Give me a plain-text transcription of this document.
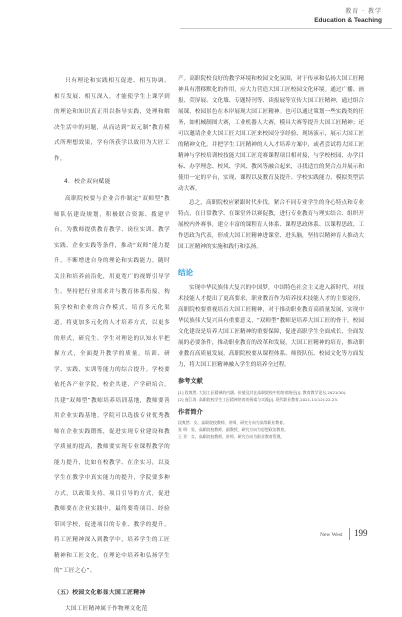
教育 · 教学
Education & Teaching

只有理论和实践相互促进、相互协调、相互发展、相互深入，才能使学生上课学到的理论和知识真正用以指导实践，处理和解决生活中的问题，从而达到“双元制”教育模式所理想效果，学有所获学以致用为大匠工作。

4．校企双向赋能

高职院校要与企业合作制定“双师型”教师队伍建设规划，积极联合资源、拨建平台，为教师提供教育教学、岗位实训、教学实践、企业实践等条件，推动“双师”能力提升，不断增进自身的理论和实践能力。随时关注和培养前沿化，用更宽广的视野引导学生。坚持把行业需求并与教育体系衔接，构筑学校和企业的合作模式，培育多元化渠道，将更加多元化的人才培养方式，以更多的形式，研究生、学生对理论的认知水平把握方式，全面提升教学的质量。培训、研学、实践、实训等能力的综合提升。学校要依托各产业学院，校企共建、产学研培合，共建“双师型”教师培养培训基地，教师要善用企业实践基地。学院可以选拔专业优秀教师在企业实践锻炼，促进实现专业建设和教学质量的提高，教师要实现专业课程教学的能力提升，比如在校教学、在企实习，以及学生在教学中真实能力的提升，学院要多种方式，以政策支持、项目引导的方式，促进教师要在企业实践中，最终要将项目、经验带回学校，促进项目的专业、教学的提升，将工匠精神深入到教学中，培养学生的工匠精神和工匠文化，在理论中培养和弘扬学生的“工匠之心”。

（五）校园文化彰显大国工匠精神

大国工匠精神属于作物理文化范

产。高职院校良好的教学环境和校园文化氛围，对于传承和弘扬大国工匠精神具有潜移默化的作用，应大力营造大国工匠校园文化环境。通过广播、画报、荧屏展、文化墙、专题特刊等、读报展等宣传大国工匠精神，通过组合展课，校园景色在本岸展现大国工匠精神。也可以通过策划一些实践类的任务，如机械制图大赛，工业机器人大赛，模具大赛等提升大国工匠精神；还可以邀请企业大国工匠大国工匠来校园分享经验、现场演示，展示大国工匠的精神文化，并把学生工匠精神的人入才培养方案中，或者尝试将大国工匠精神与学校培训校技能大国工匠竞赛课程项目相对接，与学校校园、办学目标、办学理念、校风、学风、教风等融合起来，寻找适宜的契合点并展示和使用一定的平台，实现、课程以及教育及提升、学校实践能力、模拟类型活动大赛。

总之，高职院校应紧跟时代步伐，紧合不同专业学生的身心特点和专业特点，在日常教学、在课堂外以赛促教，进行专业教育与理实结合、组织开展校内外赛事，建立丰富的课程育人体系、课程思政体系、以课程思政、工作思政为代表，形成大国工匠精神进课堂、进头脑，坚持以精神育人推动大国工匠精神的实施和践行和弘扬。

结论

实现中华民族伟大复兴的中国梦，中国特色社会主义进入新时代，对技术技能人才提出了更高要求，职业教育作为培养技术技能人才的主要途径，高职院校要重视培育大国工匠精神，对于推动职业教育高质量发展，实现中华民族伟大复兴具有重要意义，“双师型”教师是培养大国工匠的骨干，校园文化建设是培养大国工匠精神的重要保障，促进高职学生全面成长、全面发展的必要条件，推动职业教育的改革和发展，大国工匠精神的培育，推动职业教育高质量发展，高职院校要从课程体系、师资队伍、校园文化等方面发力，将大国工匠精神融入学生的培养全过程。

参考文献

[1] 段爽然. 大国工匠精神的内涵、价值及其在高职院校中的培育路径[J]. 教育教学论坛,2021(30).

[2] 庞江涛. 高职院校学生工匠精神培育的探索与实践[J]. 现代职业教育,2021,11(12):22-23.

作者简介

段爽然：女，高职院校教师，讲师，研究方向为高等职业教育。

张 明：男，高职院校教师，副教授，研究方向为思想政治教育。

王 芳：女，高职院校教师，讲师，研究方向为职业教育管理。

New West 199
